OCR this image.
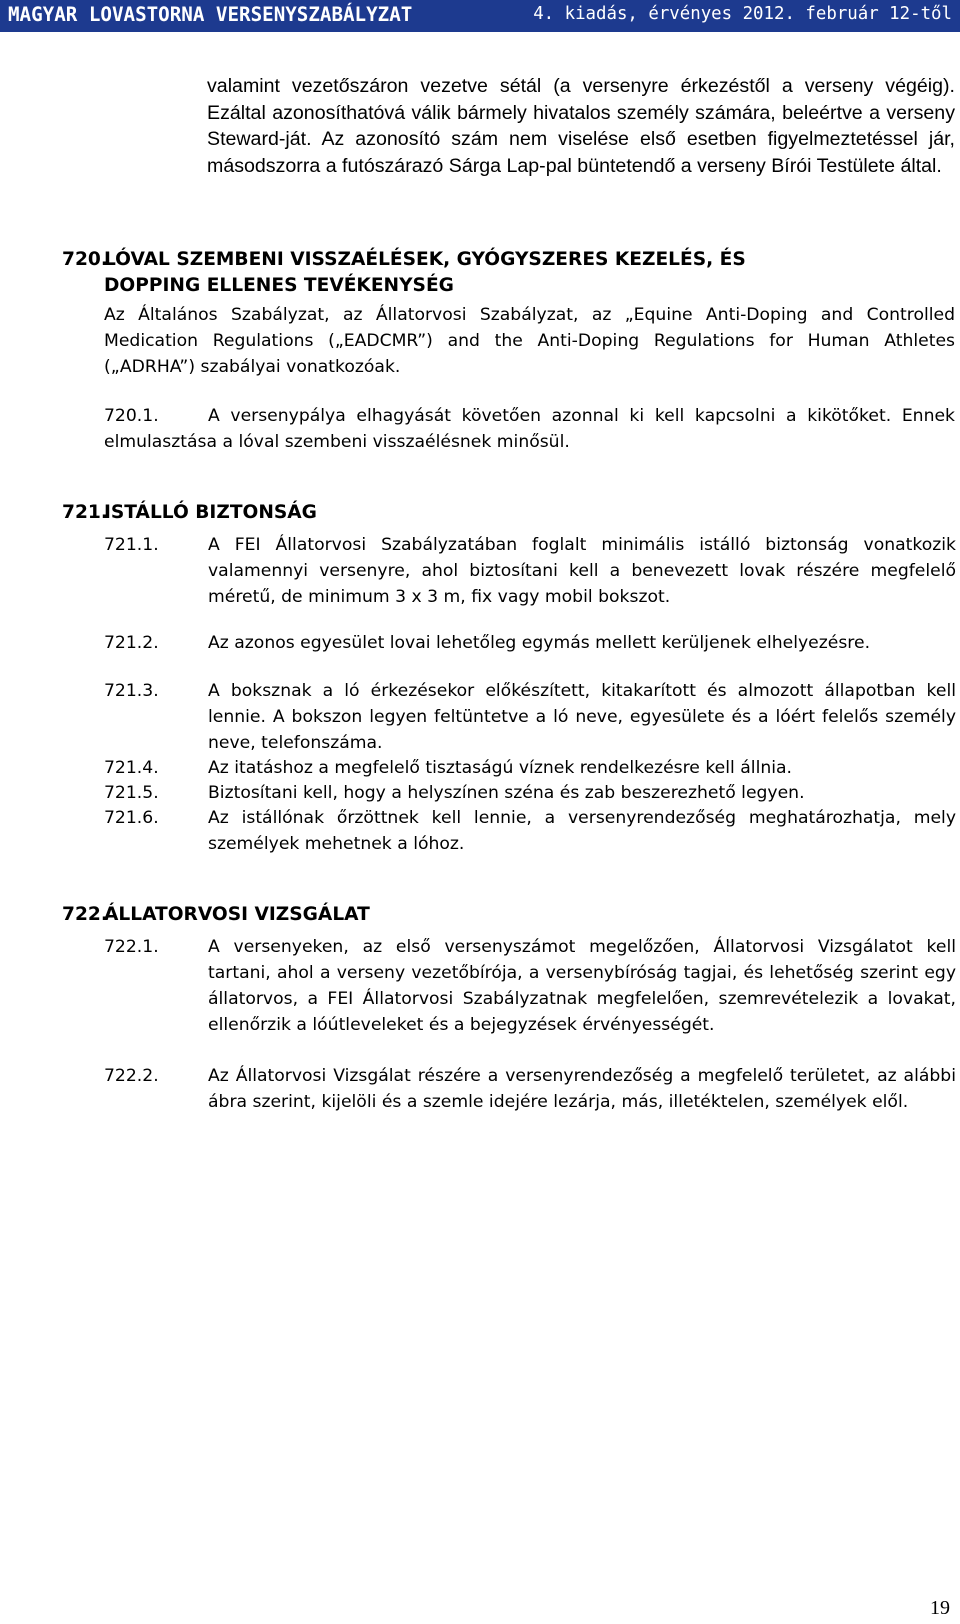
MAGYAR LOVASTORNA VERSENYSZABÁLYZAT	4. kiadás, érvényes 2012. február 12-től
valamint vezetőszáron vezetve sétál (a versenyre érkezéstől a verseny végéig). Ezáltal azonosíthatóvá válik bármely hivatalos személy számára, beleértve a verseny Steward-ját. Az azonosító szám nem viselése első esetben figyelmeztetéssel jár, másodszorra a futószárazó Sárga Lap-pal büntetendő a verseny Bírói Testülete által.
720.
LÓVAL SZEMBENI VISSZAÉLÉSEK, GYÓGYSZERES KEZELÉS, ÉS DOPPING ELLENES TEVÉKENYSÉG
Az Általános Szabályzat, az Állatorvosi Szabályzat, az „Equine Anti-Doping and Controlled Medication Regulations („EADCMR”) and the Anti-Doping Regulations for Human Athletes („ADRHA”) szabályai vonatkozóak.
720.1.	A versenypálya elhagyását követően azonnal ki kell kapcsolni a kikötőket. Ennek elmulasztása a lóval szembeni visszaélésnek minősül.
721.
ISTÁLLÓ BIZTONSÁG
721.1.	A FEI Állatorvosi Szabályzatában foglalt minimális istálló biztonság vonatkozik valamennyi versenyre, ahol biztosítani kell a benevezett lovak részére megfelelő méretű, de minimum 3 x 3 m, fix vagy mobil bokszot.
721.2.	Az azonos egyesület lovai lehetőleg egymás mellett kerüljenek elhelyezésre.
721.3.	A boksznak a ló érkezésekor előkészített, kitakarított és almozott állapotban kell lennie. A bokszon legyen feltüntetve a ló neve, egyesülete és a lóért felelős személy neve, telefonszáma.
721.4.	Az itatáshoz a megfelelő tisztaságú víznek rendelkezésre kell állnia.
721.5.	Biztosítani kell, hogy a helyszínen széna és zab beszerezhető legyen.
721.6.	Az istállónak őrzöttnek kell lennie, a versenyrendezőség meghatározhatja, mely személyek mehetnek a lóhoz.
722.
ÁLLATORVOSI VIZSGÁLAT
722.1.	A versenyeken, az első versenyszámot megelőzően, Állatorvosi Vizsgálatot kell tartani, ahol a verseny vezetőbírója, a versenybíróság tagjai, és lehetőség szerint egy állatorvos, a FEI Állatorvosi Szabályzatnak megfelelően, szemrevételezik a lovakat, ellenőrzik a lóútleveleket és a bejegyzések érvényességét.
722.2.	Az Állatorvosi Vizsgálat részére a versenyrendezőség a megfelelő területet, az alábbi ábra szerint, kijelöli és a szemle idejére lezárja, más, illetéktelen, személyek elől.
19
